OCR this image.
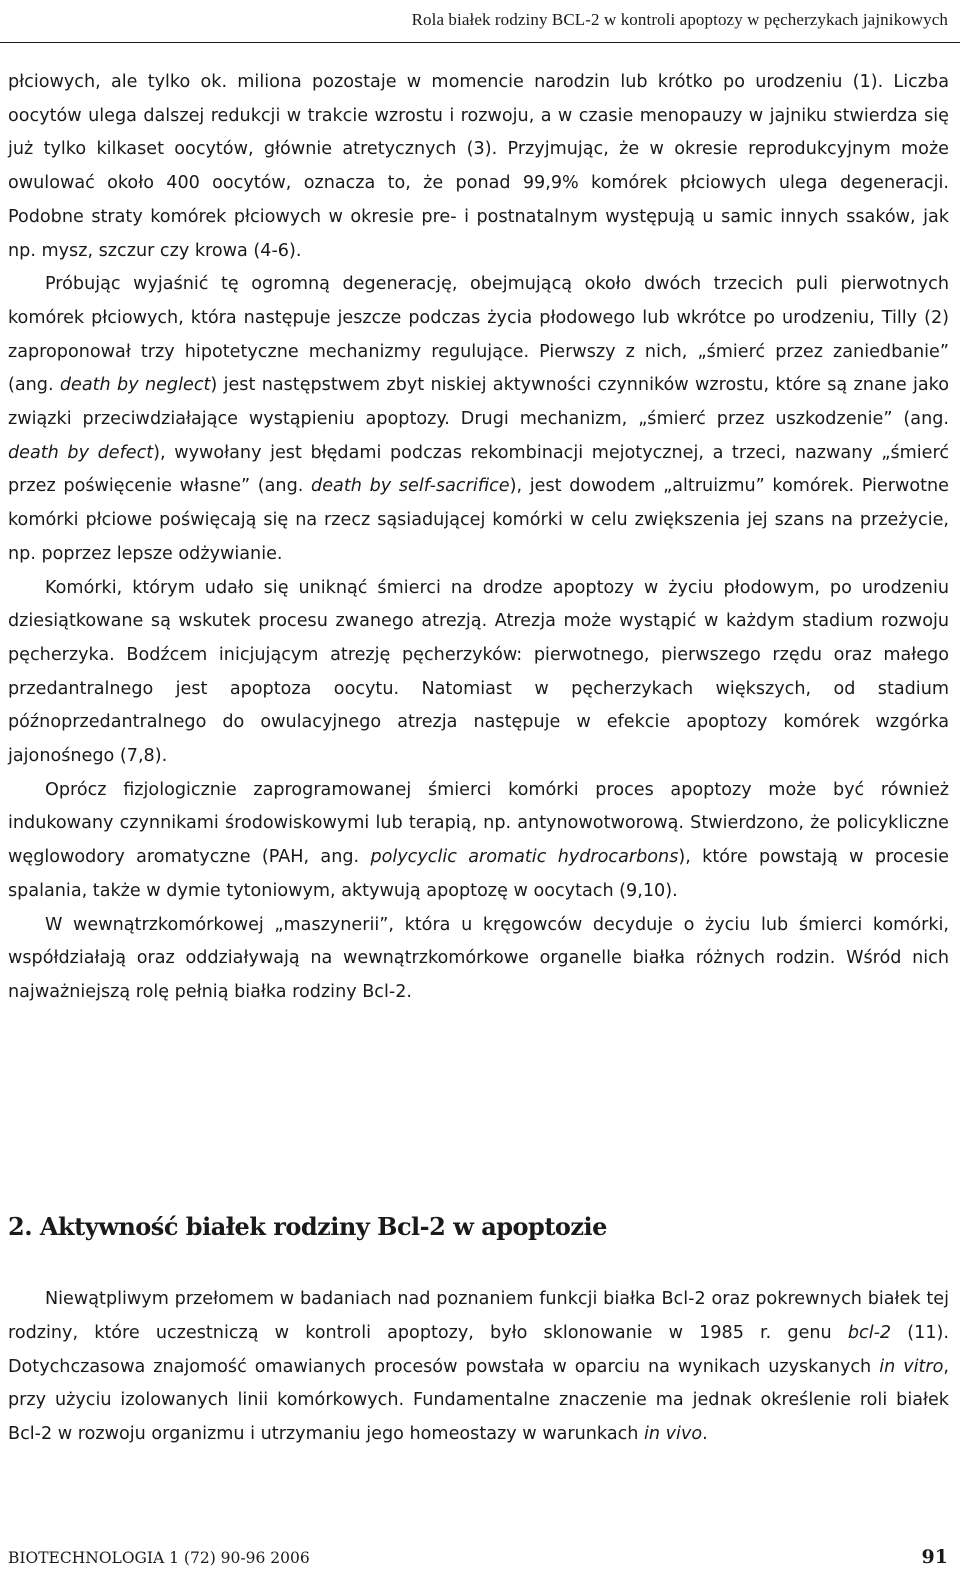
Rola białek rodziny BCL-2 w kontroli apoptozy w pęcherzykach jajnikowych

płciowych, ale tylko ok. miliona pozostaje w momencie narodzin lub krótko po urodzeniu (1). Liczba oocytów ulega dalszej redukcji w trakcie wzrostu i rozwoju, a w czasie menopauzy w jajniku stwierdza się już tylko kilkaset oocytów, głównie atretycznych (3). Przyjmując, że w okresie reprodukcyjnym może owulować około 400 oocytów, oznacza to, że ponad 99,9% komórek płciowych ulega degeneracji. Podobne straty komórek płciowych w okresie pre- i postnatalnym występują u samic innych ssaków, jak np. mysz, szczur czy krowa (4-6).

Próbując wyjaśnić tę ogromną degenerację, obejmującą około dwóch trzecich puli pierwotnych komórek płciowych, która następuje jeszcze podczas życia płodowego lub wkrótce po urodzeniu, Tilly (2) zaproponował trzy hipotetyczne mechanizmy regulujące. Pierwszy z nich, „śmierć przez zaniedbanie” (ang. death by neglect) jest następstwem zbyt niskiej aktywności czynników wzrostu, które są znane jako związki przeciwdziałające wystąpieniu apoptozy. Drugi mechanizm, „śmierć przez uszkodzenie” (ang. death by defect), wywołany jest błędami podczas rekombinacji mejotycznej, a trzeci, nazwany „śmierć przez poświęcenie własne” (ang. death by self-sacrifice), jest dowodem „altruizmu” komórek. Pierwotne komórki płciowe poświęcają się na rzecz sąsiadującej komórki w celu zwiększenia jej szans na przeżycie, np. poprzez lepsze odżywianie.

Komórki, którym udało się uniknąć śmierci na drodze apoptozy w życiu płodowym, po urodzeniu dziesiątkowane są wskutek procesu zwanego atrezją. Atrezja może wystąpić w każdym stadium rozwoju pęcherzyka. Bodźcem inicjującym atrezję pęcherzyków: pierwotnego, pierwszego rzędu oraz małego przedantralnego jest apoptoza oocytu. Natomiast w pęcherzykach większych, od stadium późnoprzedantralnego do owulacyjnego atrezja następuje w efekcie apoptozy komórek wzgórka jajonośnego (7,8).

Oprócz fizjologicznie zaprogramowanej śmierci komórki proces apoptozy może być również indukowany czynnikami środowiskowymi lub terapią, np. antynowotworową. Stwierdzono, że policykliczne węglowodory aromatyczne (PAH, ang. polycyclic aromatic hydrocarbons), które powstają w procesie spalania, także w dymie tytoniowym, aktywują apoptozę w oocytach (9,10).

W wewnątrzkomórkowej „maszynerii”, która u kręgowców decyduje o życiu lub śmierci komórki, współdziałają oraz oddziaływają na wewnątrzkomórkowe organelle białka różnych rodzin. Wśród nich najważniejszą rolę pełnią białka rodziny Bcl-2.

2. Aktywność białek rodziny Bcl-2 w apoptozie

Niewątpliwym przełomem w badaniach nad poznaniem funkcji białka Bcl-2 oraz pokrewnych białek tej rodziny, które uczestniczą w kontroli apoptozy, było sklonowanie w 1985 r. genu bcl-2 (11). Dotychczasowa znajomość omawianych procesów powstała w oparciu na wynikach uzyskanych in vitro, przy użyciu izolowanych linii komórkowych. Fundamentalne znaczenie ma jednak określenie roli białek Bcl-2 w rozwoju organizmu i utrzymaniu jego homeostazy w warunkach in vivo.

BIOTECHNOLOGIA 1 (72) 90-96 2006	91
